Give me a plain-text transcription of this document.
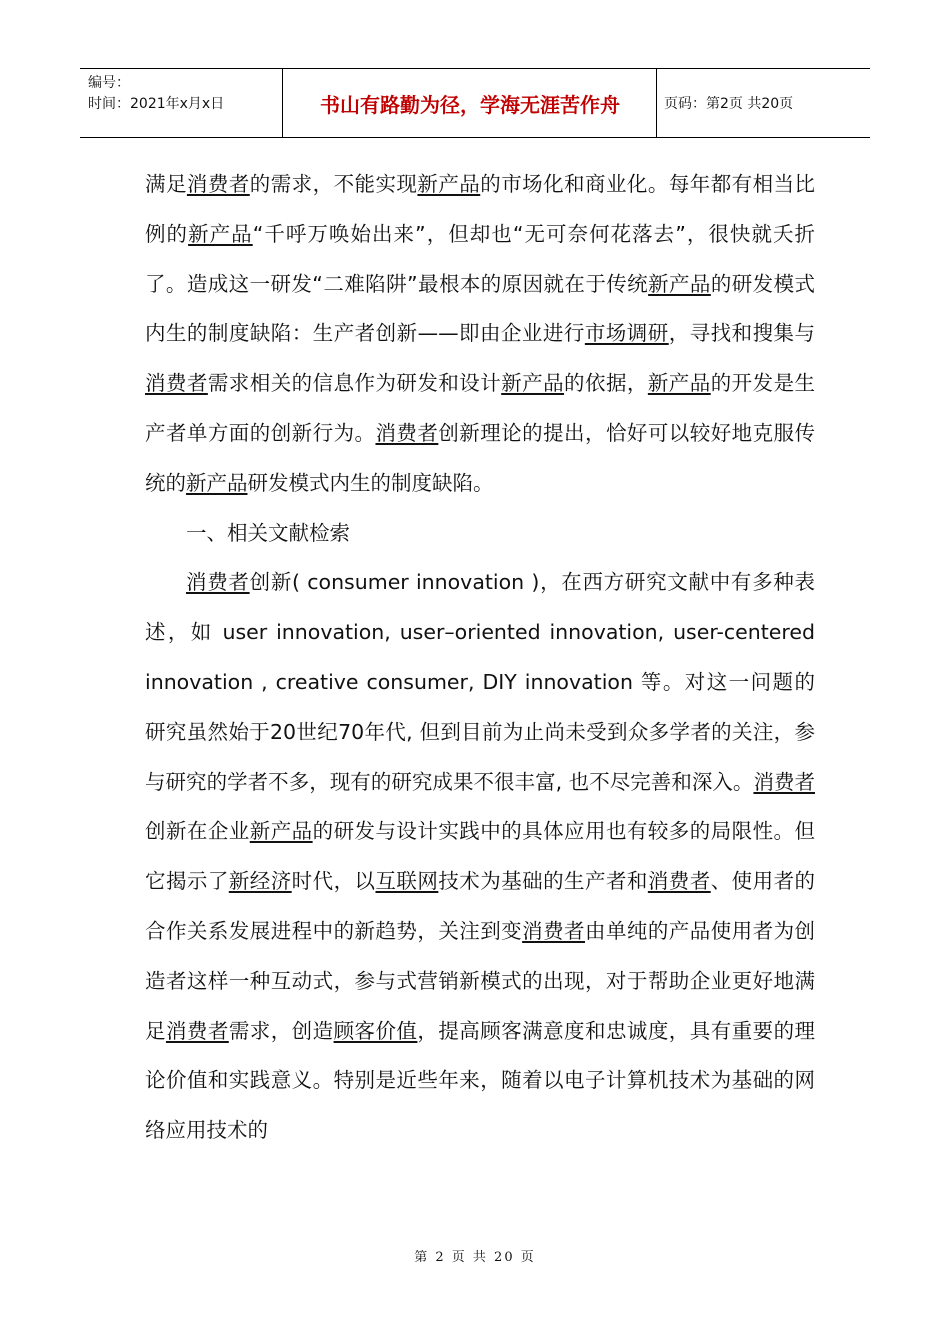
编号：
时间：2021年x月x日	书山有路勤为径，学海无涯苦作舟	页码：第2页 共20页

满足消费者的需求，不能实现新产品的市场化和商业化。每年都有相当比例的新产品“千呼万唤始出来”，但却也“无可奈何花落去”，很快就夭折了。造成这一研发“二难陷阱”最根本的原因就在于传统新产品的研发模式内生的制度缺陷：生产者创新——即由企业进行市场调研，寻找和搜集与消费者需求相关的信息作为研发和设计新产品的依据，新产品的开发是生产者单方面的创新行为。消费者创新理论的提出，恰好可以较好地克服传统的新产品研发模式内生的制度缺陷。

一、相关文献检索

消费者创新( consumer innovation )，在西方研究文献中有多种表述，如 user innovation, user–oriented innovation, user-centered innovation , creative consumer, DIY innovation 等。对这一问题的研究虽然始于20世纪70年代, 但到目前为止尚未受到众多学者的关注，参与研究的学者不多，现有的研究成果不很丰富, 也不尽完善和深入。消费者创新在企业新产品的研发与设计实践中的具体应用也有较多的局限性。但它揭示了新经济时代，以互联网技术为基础的生产者和消费者、使用者的合作关系发展进程中的新趋势，关注到变消费者由单纯的产品使用者为创造者这样一种互动式，参与式营销新模式的出现，对于帮助企业更好地满足消费者需求，创造顾客价值，提高顾客满意度和忠诚度，具有重要的理论价值和实践意义。特别是近些年来，随着以电子计算机技术为基础的网络应用技术的

第 2 页 共 20 页
